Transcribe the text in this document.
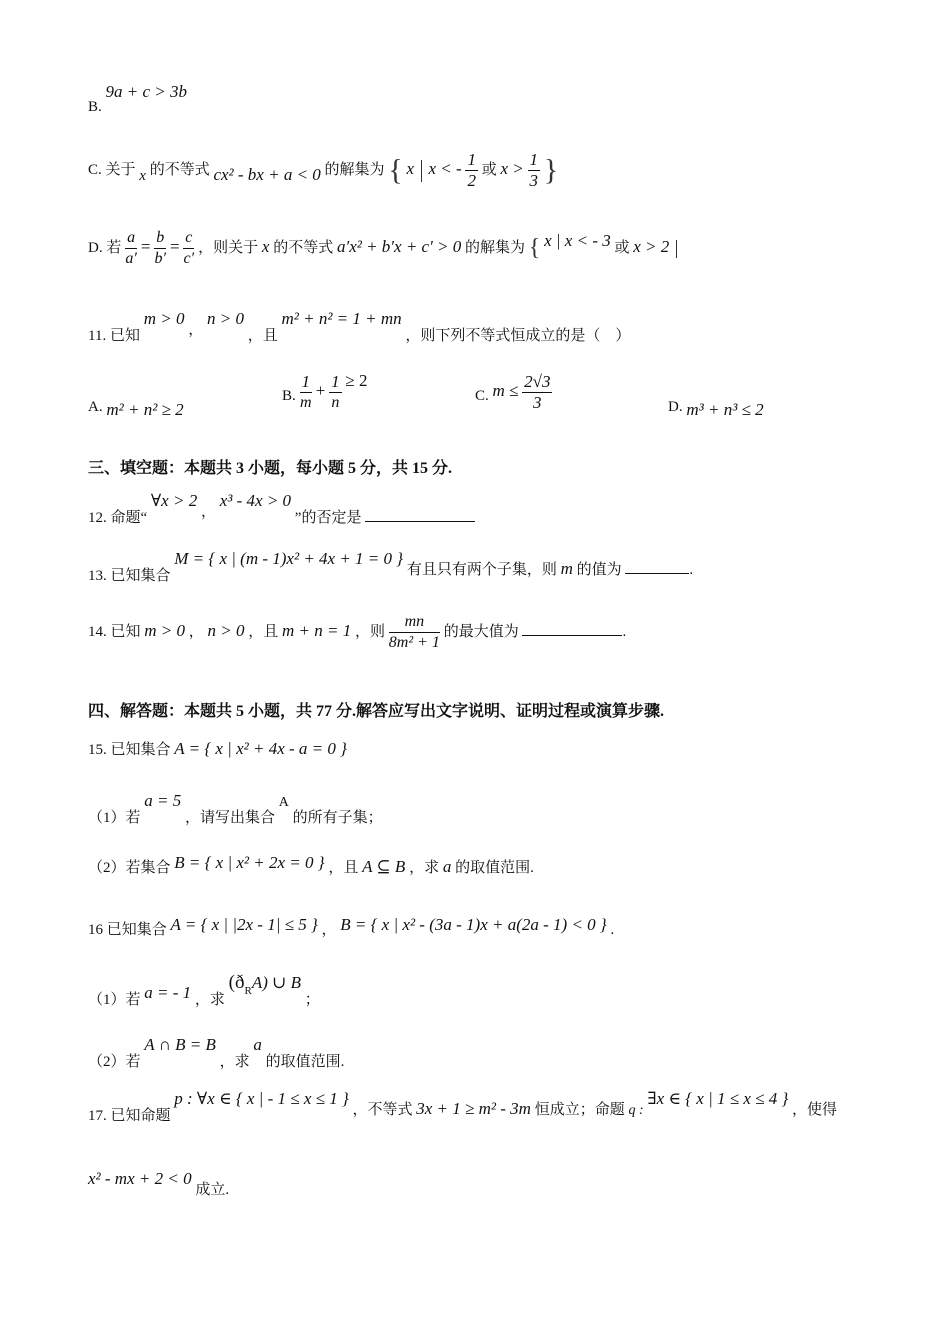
B. 9a + c > 3b
C. 关于 x 的不等式 cx² - bx + a < 0 的解集为 { x x < - $\frac{1}{2}$ 或 $x > \frac{1}{3}$ }
D. 若 $\frac{a}{a'} = \frac{b}{b'} = \frac{c}{c'}$ ，则关于 x 的不等式 a′x² + b′x + c′ > 0 的解集为 { x | x < - 3 或 x > 2
11. 已知 m > 0 ， n > 0 ，且 m² + n² = 1 + mn ，则下列不等式恒成立的是（　）
A. m² + n² ≥ 2
B. $\frac{1}{m} + \frac{1}{n} \ge 2$
C. $m \le \frac{2√3}{3}$	D. m³ + n³ ≤ 2
三、填空题：本题共 3 小题，每小题 5 分，共 15 分.
12. 命题“ ∀x > 2 ， x³ - 4x > 0 ”的否定是
13. 已知集合 M = { x | (m - 1)x² + 4x + 1 = 0 } 有且只有两个子集，则 m 的值为	.
14. 已知 m > 0 ， n > 0 ，且 m + n = 1 ，则 $\frac{mn}{\text{8m² + 1}}$ 的最大值为	.
四、解答题：本题共 5 小题，共 77 分.解答应写出文字说明、证明过程或演算步骤.
15. 已知集合 A = { x | x² + 4x - a = 0 }
（1）若 a = 5 ，请写出集合 A 的所有子集；
（2）若集合 B = { x | x² + 2x = 0 } ，且 A ⊆ B ，求 a 的取值范围.
16 已知集合 A = { x | |2x - 1| ≤ 5 } ， B = { x | x² - (3a - 1)x + a(2a - 1) < 0 } .
（1）若 a = - 1 ，求 $(ð^RA)$ ∪ B ；
（2）若 A ∩ B = B ，求 a 的取值范围.
17. 已知命题 p : ∀x ∈ { x | - 1 ≤ x ≤ 1 } ，不等式 3x + 1 ≥ m² - 3m 恒成立；命题 q : ∃x ∈ { x | 1 ≤ x ≤ 4 } ，使得
x² - mx + 2 < 0 成立.
